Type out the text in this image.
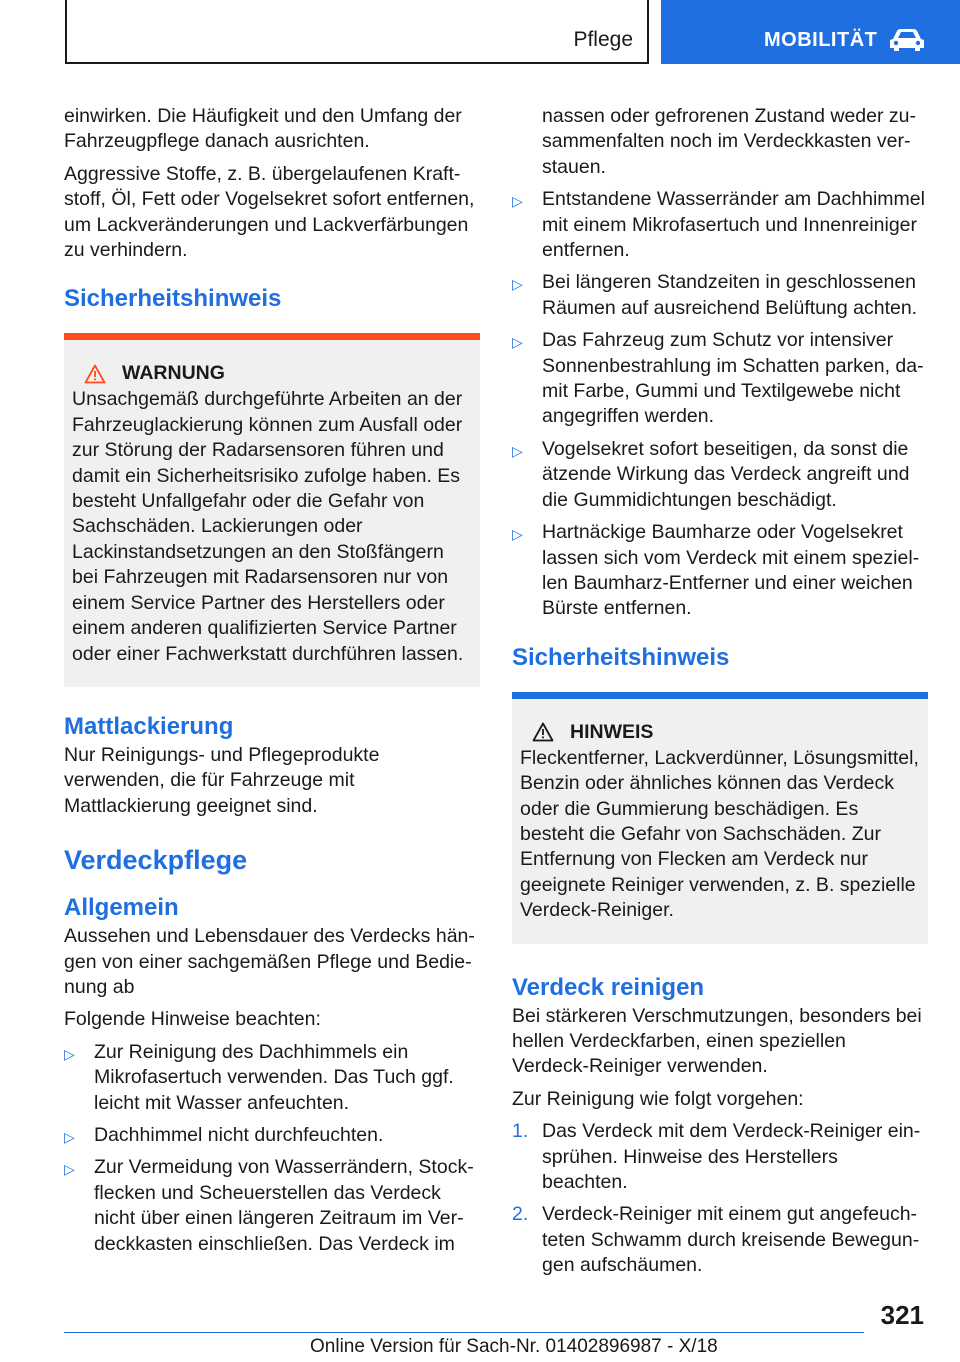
Pflege	MOBILITÄT

einwirken. Die Häufigkeit und den Umfang der Fahrzeugpflege danach ausrichten.

Aggressive Stoffe, z. B. übergelaufenen Kraftstoff, Öl, Fett oder Vogelsekret sofort entfernen, um Lackveränderungen und Lackverfärbungen zu verhindern.

Sicherheitshinweis
WARNUNG

Unsachgemäß durchgeführte Arbeiten an der Fahrzeuglackierung können zum Ausfall oder zur Störung der Radarsensoren führen und damit ein Sicherheitsrisiko zufolge haben. Es besteht Unfallgefahr oder die Gefahr von Sachschäden. Lackierungen oder Lackinstandsetzungen an den Stoßfängern bei Fahrzeugen mit Radarsensoren nur von einem Service Partner des Herstellers oder einem anderen qualifizierten Service Partner oder einer Fachwerkstatt durchführen lassen.

Mattlackierung

Nur Reinigungs- und Pflegeprodukte verwenden, die für Fahrzeuge mit Mattlackierung geeignet sind.

Verdeckpflege
Allgemein

Aussehen und Lebensdauer des Verdecks hängen von einer sachgemäßen Pflege und Bedienung ab

Folgende Hinweise beachten:

▷ Zur Reinigung des Dachhimmels ein Mikrofasertuch verwenden. Das Tuch ggf. leicht mit Wasser anfeuchten.
▷ Dachhimmel nicht durchfeuchten.
▷ Zur Vermeidung von Wasserrändern, Stockflecken und Scheuerstellen das Verdeck nicht über einen längeren Zeitraum im Verdeckkasten einschließen. Das Verdeck im

nassen oder gefrorenen Zustand weder zusammenfalten noch im Verdeckkasten verstauen.

▷ Entstandene Wasserränder am Dachhimmel mit einem Mikrofasertuch und Innenreiniger entfernen.
▷ Bei längeren Standzeiten in geschlossenen Räumen auf ausreichend Belüftung achten.
▷ Das Fahrzeug zum Schutz vor intensiver Sonnenbestrahlung im Schatten parken, damit Farbe, Gummi und Textilgewebe nicht angegriffen werden.
▷ Vogelsekret sofort beseitigen, da sonst die ätzende Wirkung das Verdeck angreift und die Gummidichtungen beschädigt.
▷ Hartnäckige Baumharze oder Vogelsekret lassen sich vom Verdeck mit einem speziellen Baumharz-Entferner und einer weichen Bürste entfernen.
Sicherheitshinweis
HINWEIS

Fleckentferner, Lackverdünner, Lösungsmittel, Benzin oder ähnliches können das Verdeck oder die Gummierung beschädigen. Es besteht die Gefahr von Sachschäden. Zur Entfernung von Flecken am Verdeck nur geeignete Reiniger verwenden, z. B. spezielle Verdeck-Reiniger.

Verdeck reinigen

Bei stärkeren Verschmutzungen, besonders bei hellen Verdeckfarben, einen speziellen Verdeck-Reiniger verwenden.

Zur Reinigung wie folgt vorgehen:

1. Das Verdeck mit dem Verdeck-Reiniger einsprühen. Hinweise des Herstellers beachten.
2. Verdeck-Reiniger mit einem gut angefeuchteten Schwamm durch kreisende Bewegungen aufschäumen.
321
Online Version für Sach-Nr. 01402896987 - X/18
